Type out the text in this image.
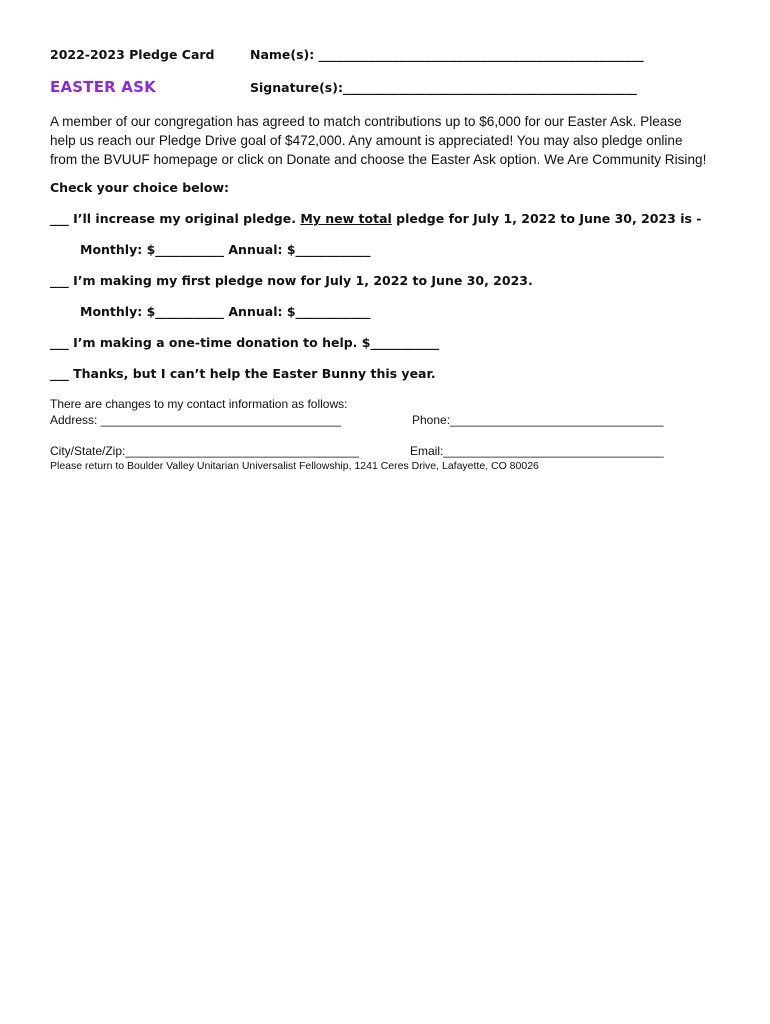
2022-2023 Pledge Card	Name(s): ____________________________________________________
EASTER ASK	Signature(s):_______________________________________________

A member of our congregation has agreed to match contributions up to $6,000 for our Easter Ask. Please

help us reach our Pledge Drive goal of $472,000. Any amount is appreciated! You may also pledge online

from the BVUUF homepage or click on Donate and choose the Easter Ask option. We Are Community Rising!

Check your choice below:
___ I’ll increase my original pledge. My new total pledge for July 1, 2022 to June 30, 2023 is -
Monthly: $___________ Annual: $____________
___ I’m making my first pledge now for July 1, 2022 to June 30, 2023.
Monthly: $___________ Annual: $____________
___ I’m making a one-time donation to help. $___________
___ Thanks, but I can’t help the Easter Bunny this year.
There are changes to my contact information as follows:
Address: ____________________________________	Phone:________________________________
City/State/Zip:___________________________________	Email:_________________________________
Please return to Boulder Valley Unitarian Universalist Fellowship, 1241 Ceres Drive, Lafayette, CO 80026
